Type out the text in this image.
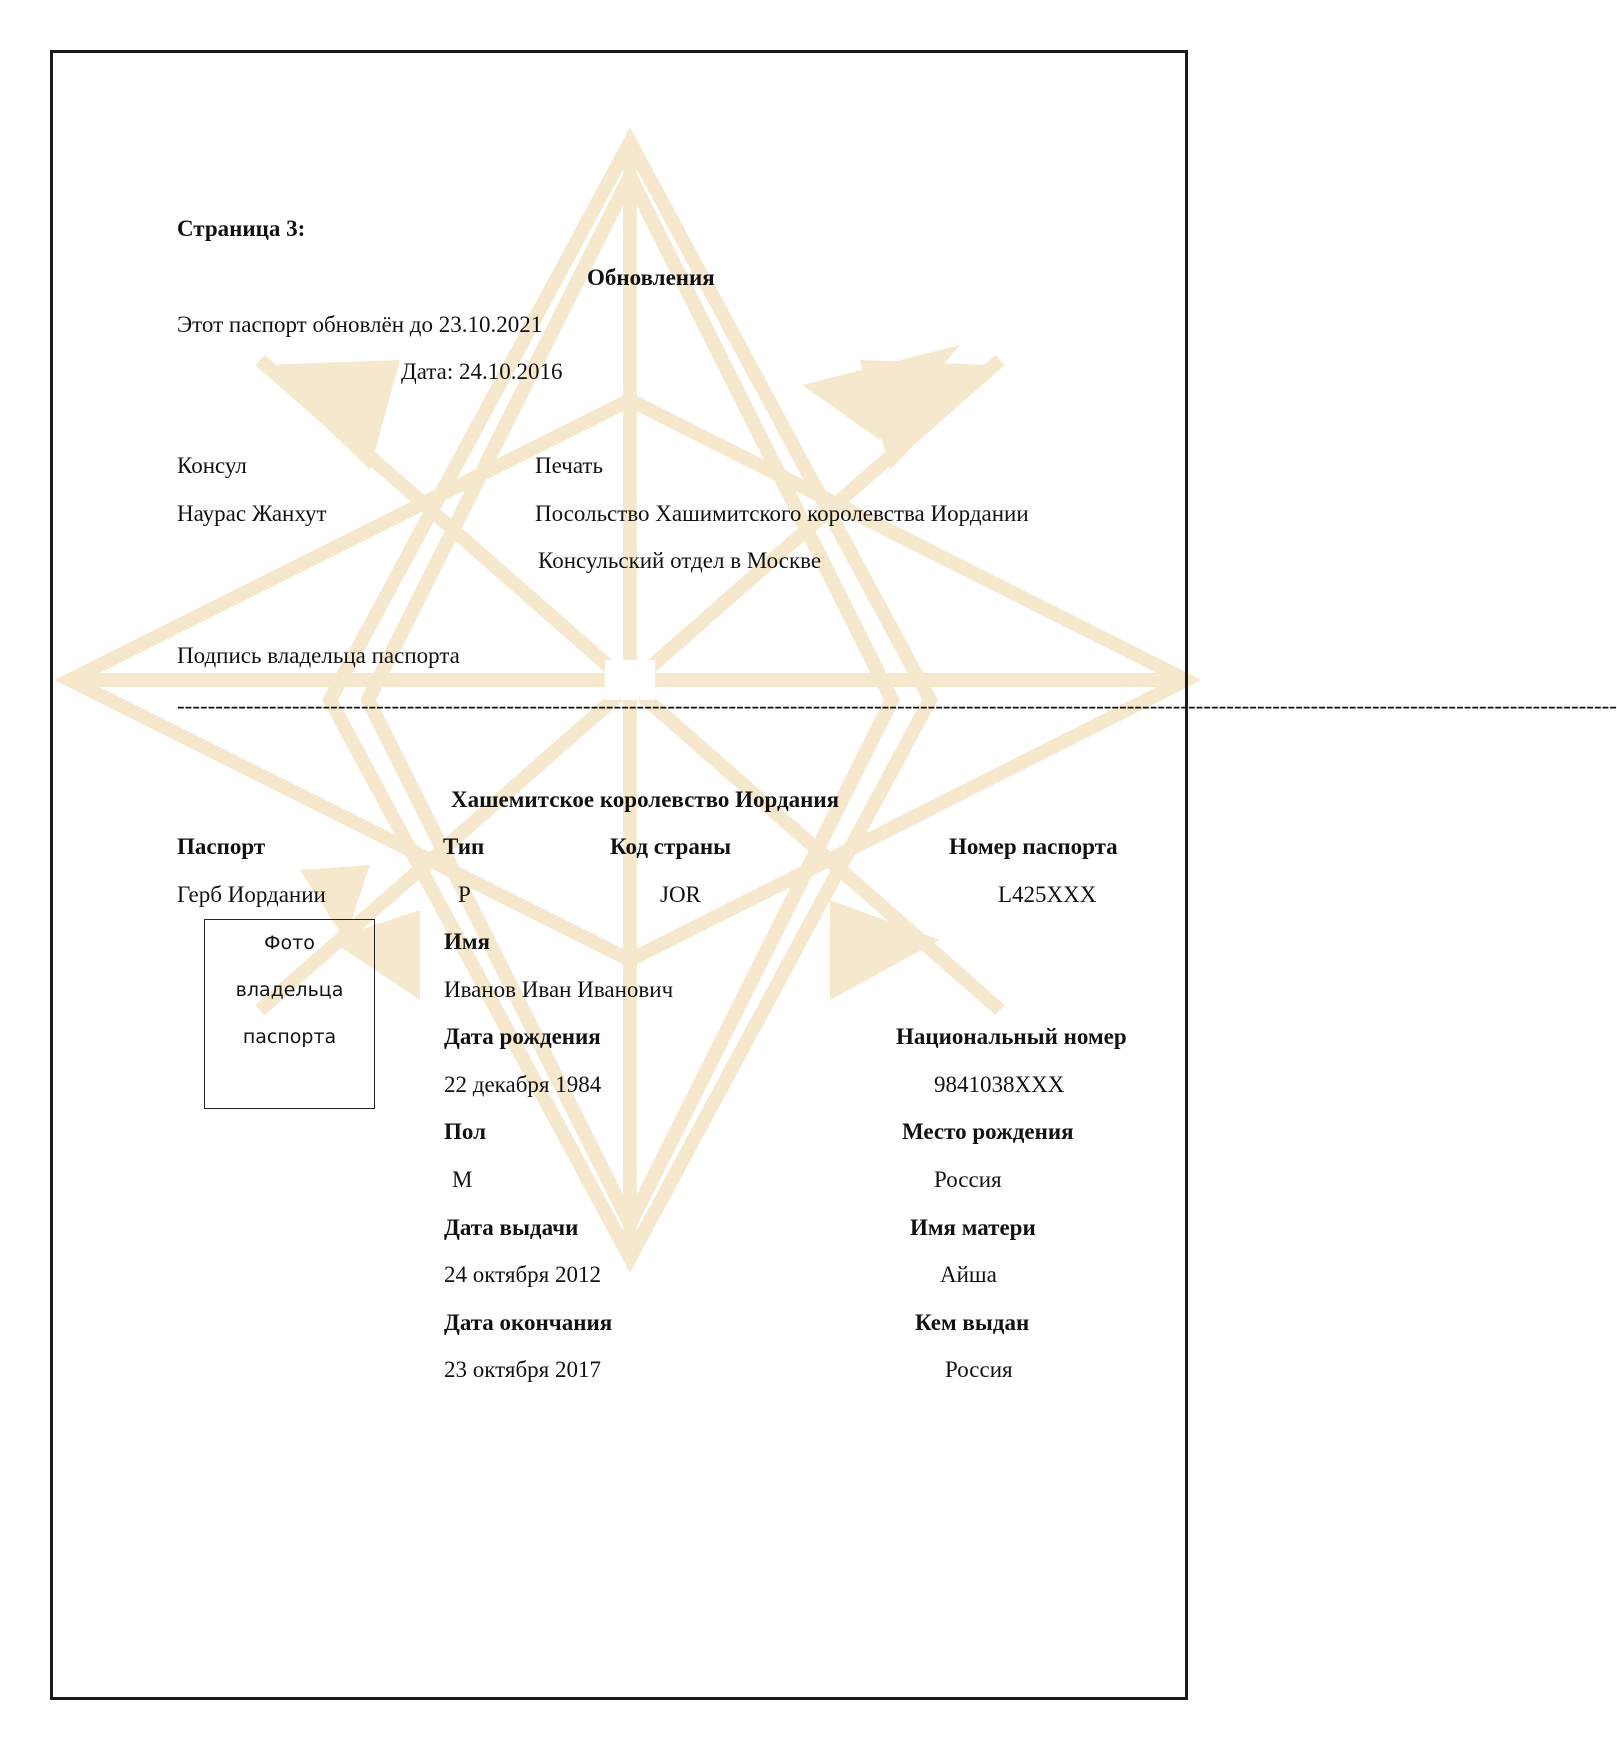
Страница 3:
Обновления
Этот паспорт обновлён до 23.10.2021
Дата: 24.10.2016
Консул	Печать
Наурас Жанхут	Посольство Хашимитского королевства Иордании
Консульский отдел в Москве
Подпись владельца паспорта
--------------------------------------------------------------------------------------------------------------------------------------------------------------------------------------------
Хашемитское королевство Иордания
Паспорт	Тип	Код страны	Номер паспорта
Герб Иордании	P	JOR	L425XXX
Фото
владельца
паспорта
Имя
Иванов Иван Иванович
Дата рождения	Национальный номер
22 декабря 1984	9841038XXX
Пол	Место рождения
M	Россия
Дата выдачи	Имя матери
24 октября 2012	Айша
Дата окончания	Кем выдан
23 октября 2017	Россия
